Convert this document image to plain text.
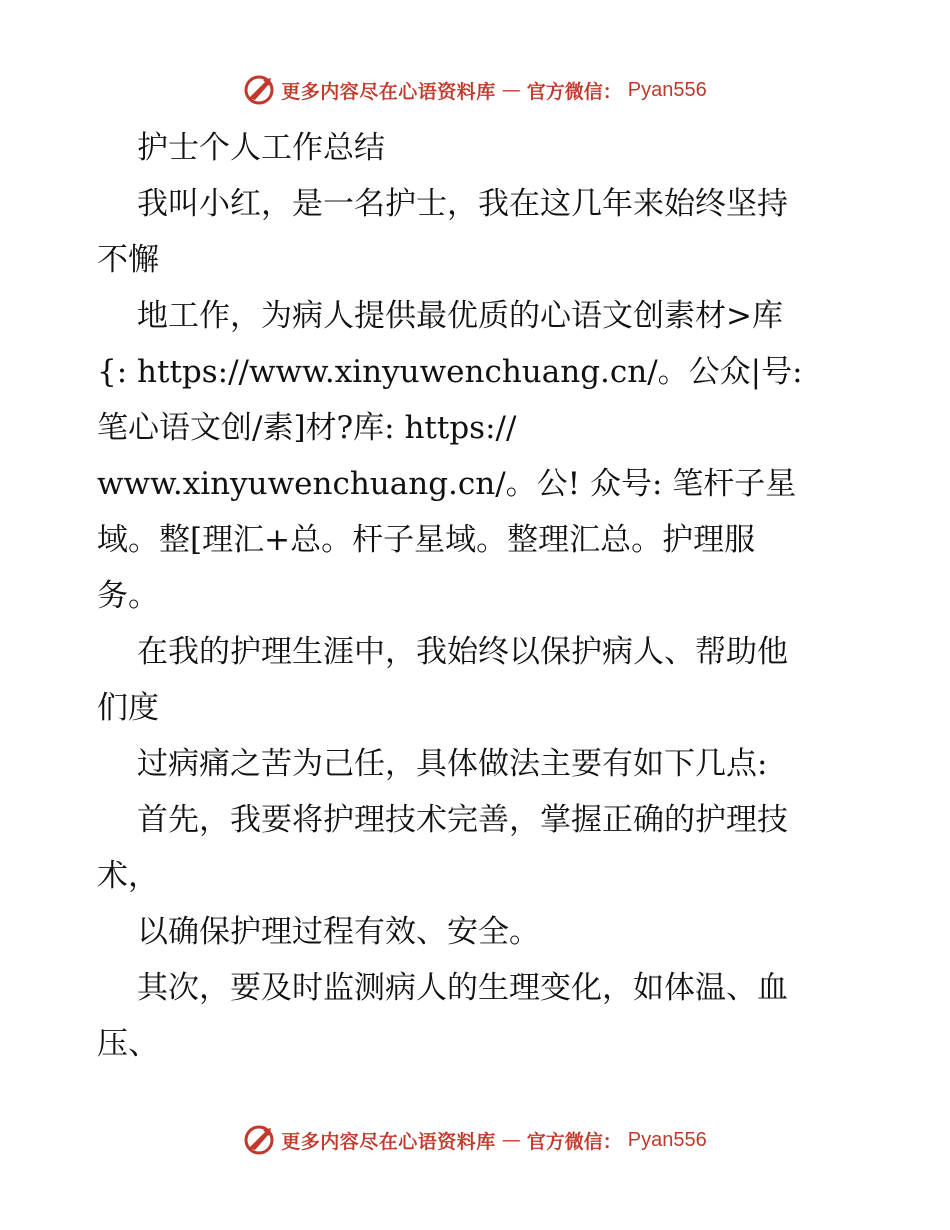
更多内容尽在心语资料库 — 官方微信： Pyan556
护士个人工作总结
我叫小红，是一名护士，我在这几年来始终坚持
不懈
地工作，为病人提供最优质的心语文创素材>库
{: https://www.xinyuwenchuang.cn/。公众|号:
笔心语文创/素]材?库: https://
www.xinyuwenchuang.cn/。公! 众号: 笔杆子星
域。整[理汇+总。杆子星域。整理汇总。护理服
务。
在我的护理生涯中，我始终以保护病人、帮助他
们度
过病痛之苦为己任，具体做法主要有如下几点:
首先，我要将护理技术完善，掌握正确的护理技
术，
以确保护理过程有效、安全。
其次，要及时监测病人的生理变化，如体温、血
压、
更多内容尽在心语资料库 — 官方微信： Pyan556
